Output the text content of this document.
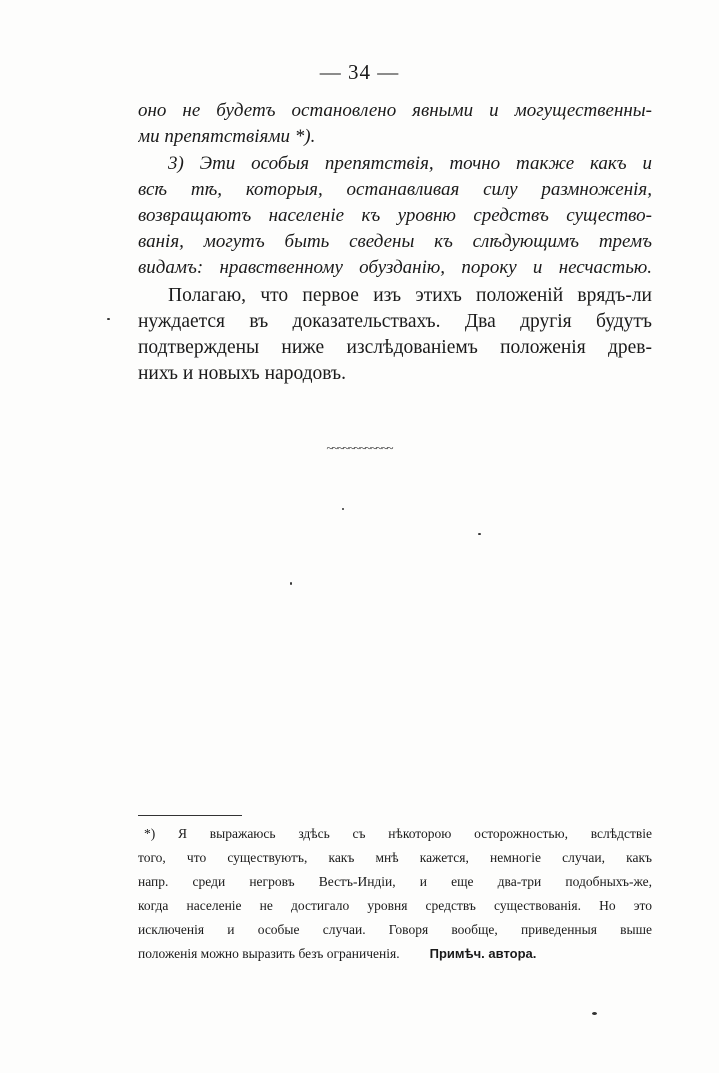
— 34 —
оно не будетъ остановлено явными и могущественны-
ми препятствіями *).
3) Эти особыя препятствія, точно также какъ и
всѣ тѣ, которыя, останавливая силу размноженія,
возвращаютъ населеніе къ уровню средствъ существо-
ванія, могутъ быть сведены къ слѣдующимъ тремъ
видамъ: нравственному обузданію, пороку и несчастью.
Полагаю, что первое изъ этихъ положеній врядъ-ли
нуждается въ доказательствахъ. Два другія будутъ
подтверждены ниже изслѣдованіемъ положенія древ-
нихъ и новыхъ народовъ.
~~~~~~~~~~~~
*) Я выражаюсь здѣсь съ нѣкоторою осторожностью, вслѣдствіе
того, что существуютъ, какъ мнѣ кажется, немногіе случаи, какъ
напр. среди негровъ Вестъ-Индіи, и еще два-три подобныхъ-же,
когда населеніе не достигало уровня средствъ существованія. Но это
исключенія и особые случаи. Говоря вообще, приведенныя выше
положенія можно выразить безъ ограниченія. Примѣч. автора.
